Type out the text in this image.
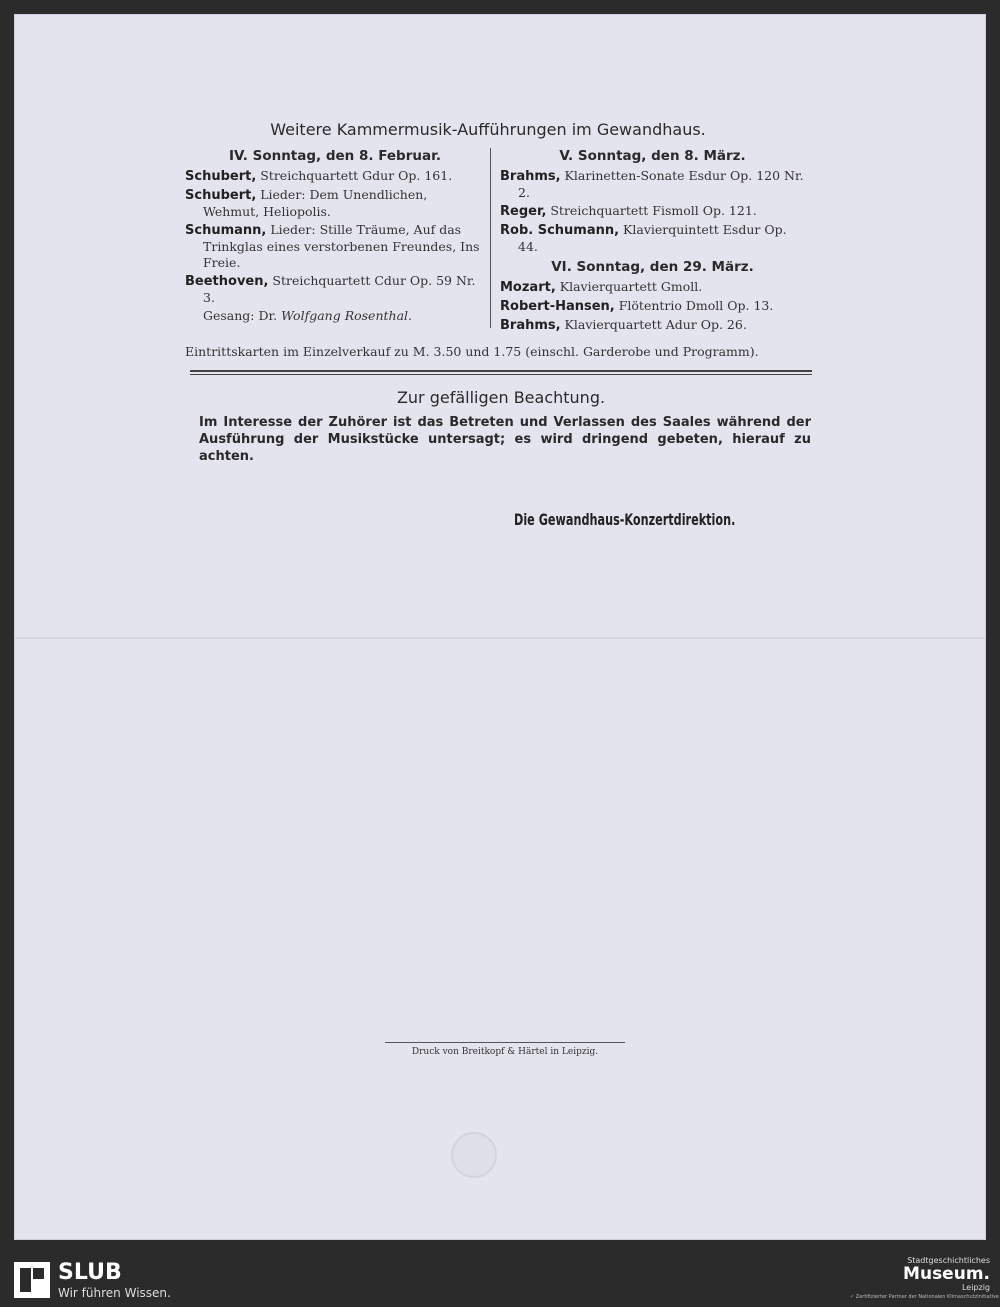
Weitere Kammermusik-Aufführungen im Gewandhaus.
IV. Sonntag, den 8. Februar.
Schubert, Streichquartett Gdur Op. 161.
Schubert, Lieder: Dem Unendlichen, Wehmut, Heliopolis.
Schumann, Lieder: Stille Träume, Auf das Trinkglas eines verstorbenen Freundes, Ins Freie.
Beethoven, Streichquartett Cdur Op. 59 Nr. 3.
Gesang: Dr. Wolfgang Rosenthal.
V. Sonntag, den 8. März.
Brahms, Klarinetten-Sonate Esdur Op. 120 Nr. 2.
Reger, Streichquartett Fismoll Op. 121.
Rob. Schumann, Klavierquintett Esdur Op. 44.
VI. Sonntag, den 29. März.
Mozart, Klavierquartett Gmoll.
Robert-Hansen, Flötentrio Dmoll Op. 13.
Brahms, Klavierquartett Adur Op. 26.
Eintrittskarten im Einzelverkauf zu M. 3.50 und 1.75 (einschl. Garderobe und Programm).
Zur gefälligen Beachtung.
Im Interesse der Zuhörer ist das Betreten und Verlassen des Saales während der Ausführung der Musikstücke untersagt; es wird dringend gebeten, hierauf zu achten.
Die Gewandhaus-Konzertdirektion.
Druck von Breitkopf & Härtel in Leipzig.
SLUB
Wir führen Wissen.
Stadtgeschichtliches
Museum.
Leipzig
✓ Zertifizierter Partner der Nationalen Klimaschutzinitiative
